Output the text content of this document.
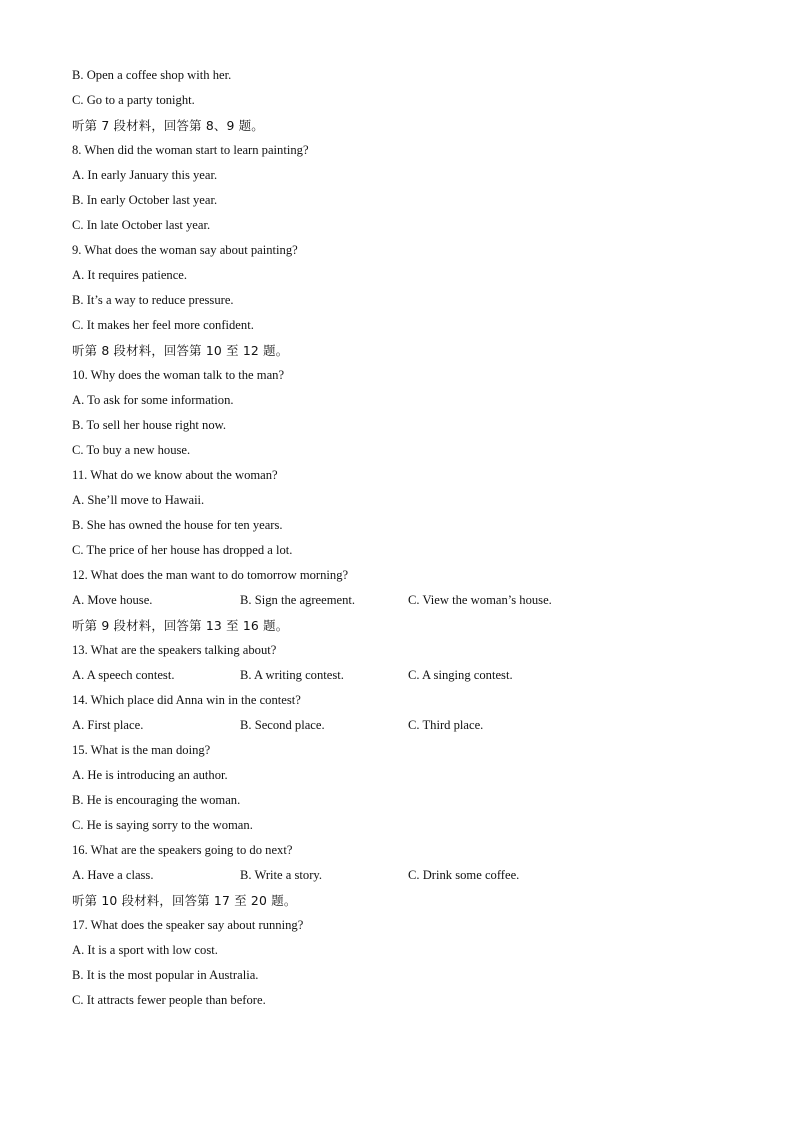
B. Open a coffee shop with her.
C. Go to a party tonight.
听第 7 段材料，回答第 8、9 题。
8. When did the woman start to learn painting?
A. In early January this year.
B. In early October last year.
C. In late October last year.
9. What does the woman say about painting?
A. It requires patience.
B. It’s a way to reduce pressure.
C. It makes her feel more confident.
听第 8 段材料，回答第 10 至 12 题。
10. Why does the woman talk to the man?
A. To ask for some information.
B. To sell her house right now.
C. To buy a new house.
11. What do we know about the woman?
A. She’ll move to Hawaii.
B. She has owned the house for ten years.
C. The price of her house has dropped a lot.
12. What does the man want to do tomorrow morning?
A. Move house.	B. Sign the agreement.	C. View the woman’s house.
听第 9 段材料，回答第 13 至 16 题。
13. What are the speakers talking about?
A. A speech contest.	B. A writing contest.	C. A singing contest.
14. Which place did Anna win in the contest?
A. First place.	B. Second place.	C. Third place.
15. What is the man doing?
A. He is introducing an author.
B. He is encouraging the woman.
C. He is saying sorry to the woman.
16. What are the speakers going to do next?
A. Have a class.	B. Write a story.	C. Drink some coffee.
听第 10 段材料，回答第 17 至 20 题。
17. What does the speaker say about running?
A. It is a sport with low cost.
B. It is the most popular in Australia.
C. It attracts fewer people than before.
